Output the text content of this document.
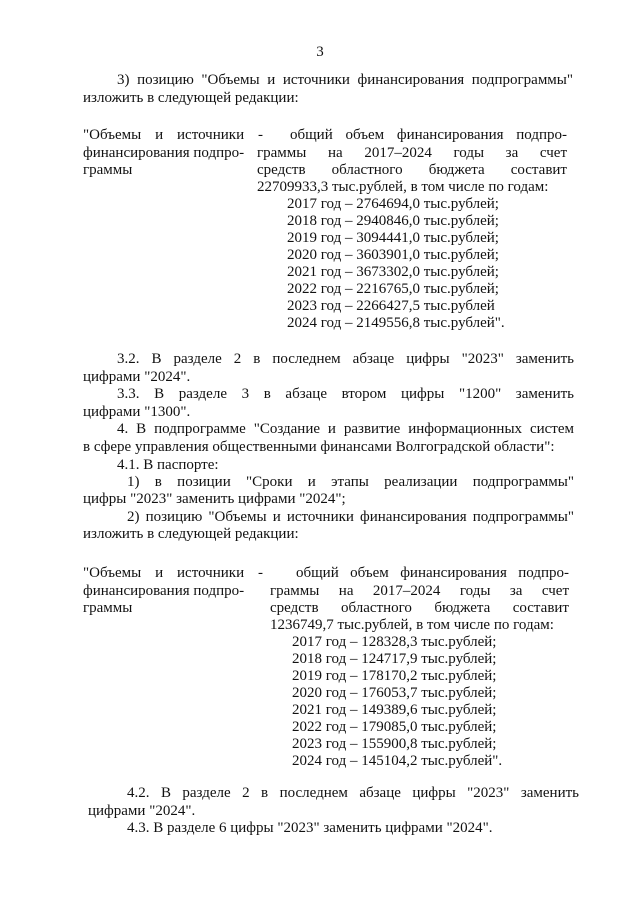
3
3) позицию "Объемы и источники финансирования подпрограммы"
изложить в следующей редакции:
"Объемы и источники -
финансирования подпро-
граммы
общий объем финансирования подпро-
граммы на 2017–2024 годы за счет
средств областного бюджета составит
22709933,3 тыс.рублей, в том числе по годам:
2017 год – 2764694,0 тыс.рублей;
2018 год – 2940846,0 тыс.рублей;
2019 год – 3094441,0 тыс.рублей;
2020 год – 3603901,0 тыс.рублей;
2021 год – 3673302,0 тыс.рублей;
2022 год – 2216765,0 тыс.рублей;
2023 год – 2266427,5 тыс.рублей
2024 год – 2149556,8 тыс.рублей".
3.2. В разделе 2 в последнем абзаце цифры "2023" заменить
цифрами "2024".
3.3. В разделе 3 в абзаце втором цифры "1200" заменить
цифрами "1300".
4. В подпрограмме "Создание и развитие информационных систем
в сфере управления общественными финансами Волгоградской области":
4.1. В паспорте:
1) в позиции "Сроки и этапы реализации подпрограммы"
цифры "2023" заменить цифрами "2024";
2) позицию "Объемы и источники финансирования подпрограммы"
изложить в следующей редакции:
"Объемы и источники -
финансирования подпро-
граммы
общий объем финансирования подпро-
граммы на 2017–2024 годы за счет
средств областного бюджета составит
1236749,7 тыс.рублей, в том числе по годам:
2017 год – 128328,3 тыс.рублей;
2018 год – 124717,9 тыс.рублей;
2019 год – 178170,2 тыс.рублей;
2020 год – 176053,7 тыс.рублей;
2021 год – 149389,6 тыс.рублей;
2022 год – 179085,0 тыс.рублей;
2023 год – 155900,8 тыс.рублей;
2024 год – 145104,2 тыс.рублей".
4.2. В разделе 2 в последнем абзаце цифры "2023" заменить
цифрами "2024".
4.3. В разделе 6 цифры "2023" заменить цифрами "2024".
